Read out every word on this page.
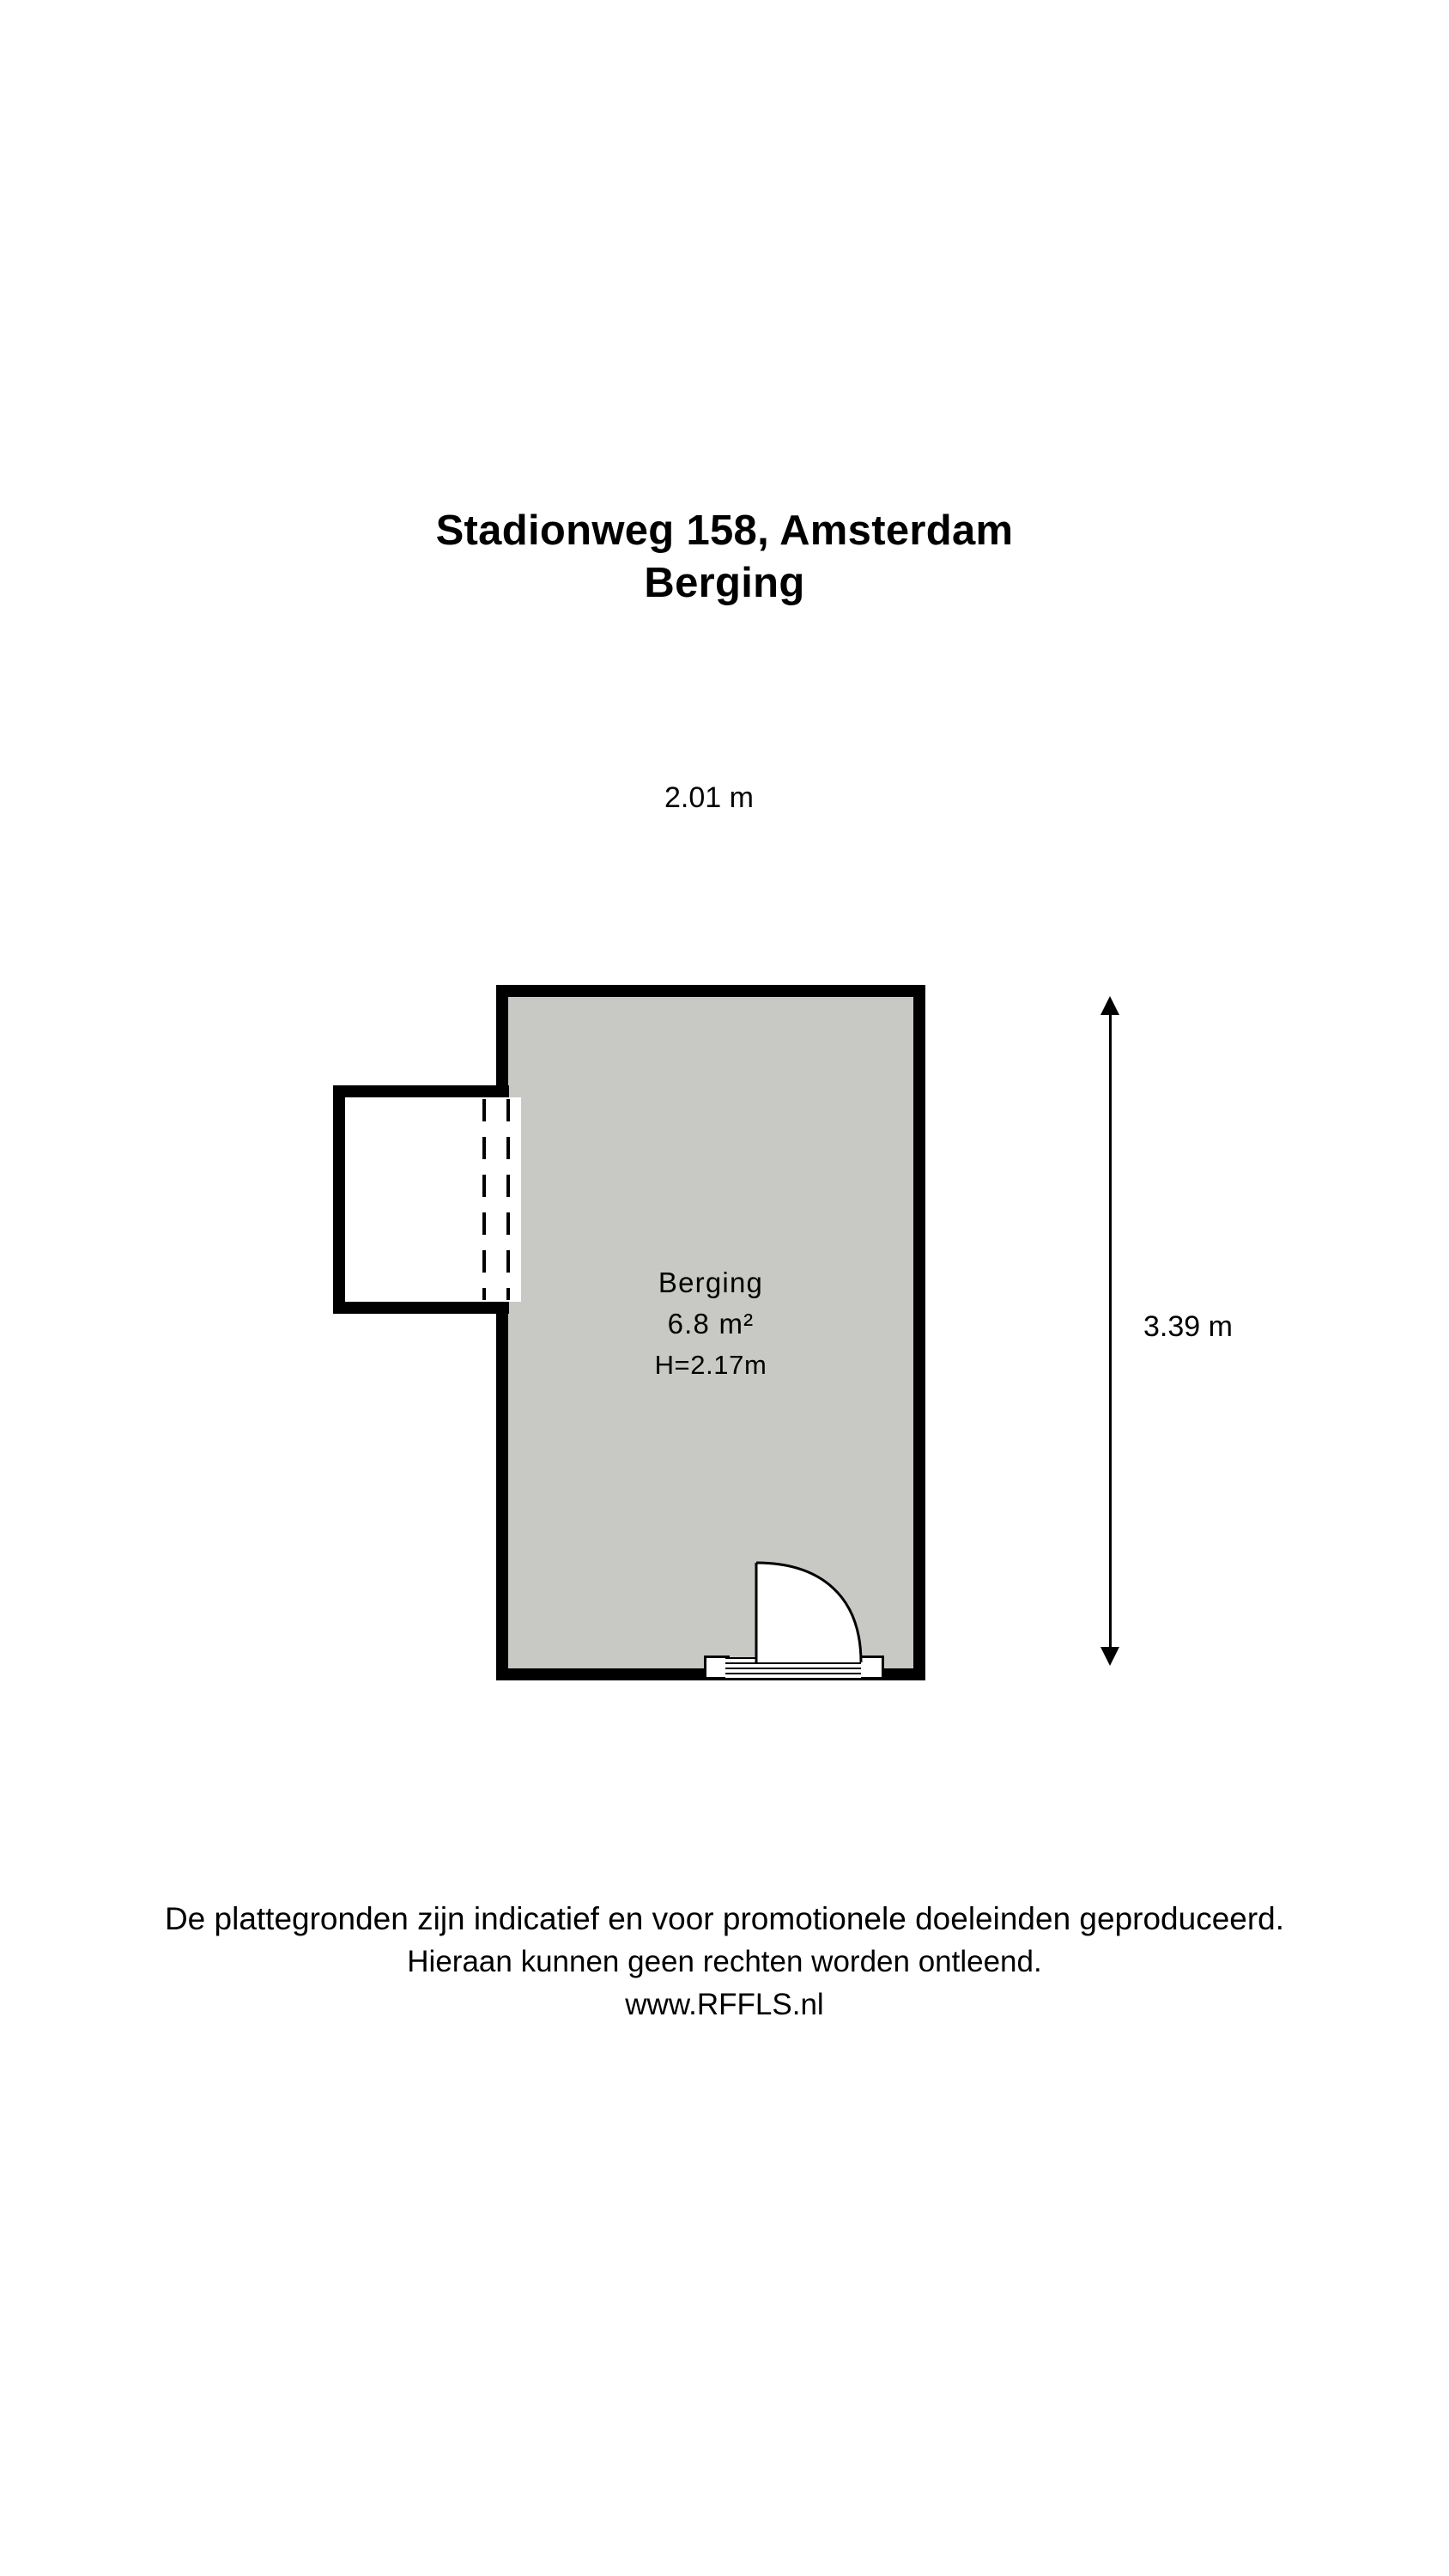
Stadionweg 158, Amsterdam
Berging
2.01 m
3.39 m
Berging
6.8 m²
H=2.17m
De plattegronden zijn indicatief en voor promotionele doeleinden geproduceerd.
Hieraan kunnen geen rechten worden ontleend.
www.RFFLS.nl
